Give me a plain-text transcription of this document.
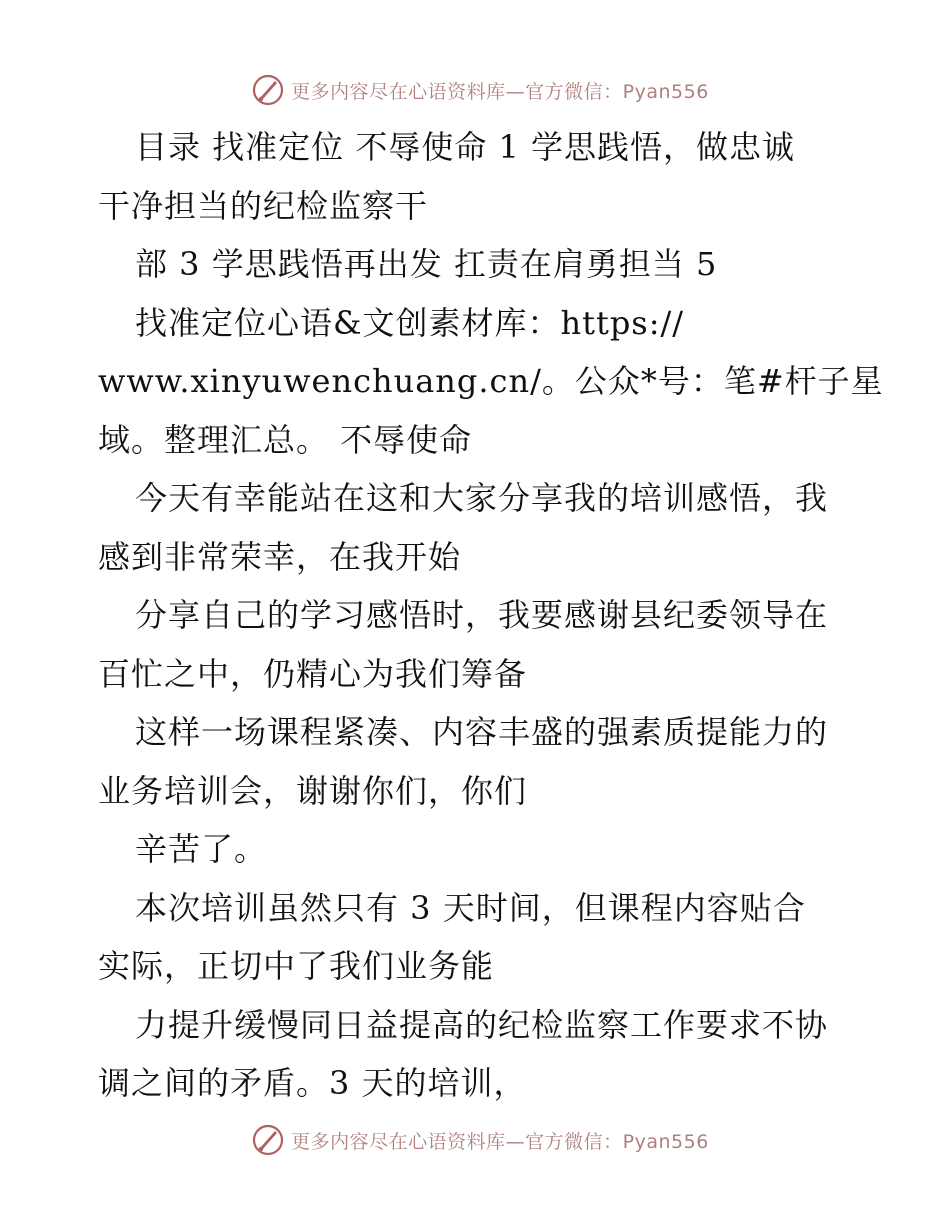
更多内容尽在心语资料库—官方微信：Pyan556
目录 找准定位 不辱使命 1 学思践悟，做忠诚
干净担当的纪检监察干
部 3 学思践悟再出发 扛责在肩勇担当 5
找准定位心语&文创素材库：https://
www.xinyuwenchuang.cn/。公众*号：笔#杆子星
域。整理汇总。 不辱使命
今天有幸能站在这和大家分享我的培训感悟，我
感到非常荣幸，在我开始
分享自己的学习感悟时，我要感谢县纪委领导在
百忙之中，仍精心为我们筹备
这样一场课程紧凑、内容丰盛的强素质提能力的
业务培训会，谢谢你们，你们
辛苦了。
本次培训虽然只有 3 天时间，但课程内容贴合
实际，正切中了我们业务能
力提升缓慢同日益提高的纪检监察工作要求不协
调之间的矛盾。3 天的培训，
更多内容尽在心语资料库—官方微信：Pyan556
